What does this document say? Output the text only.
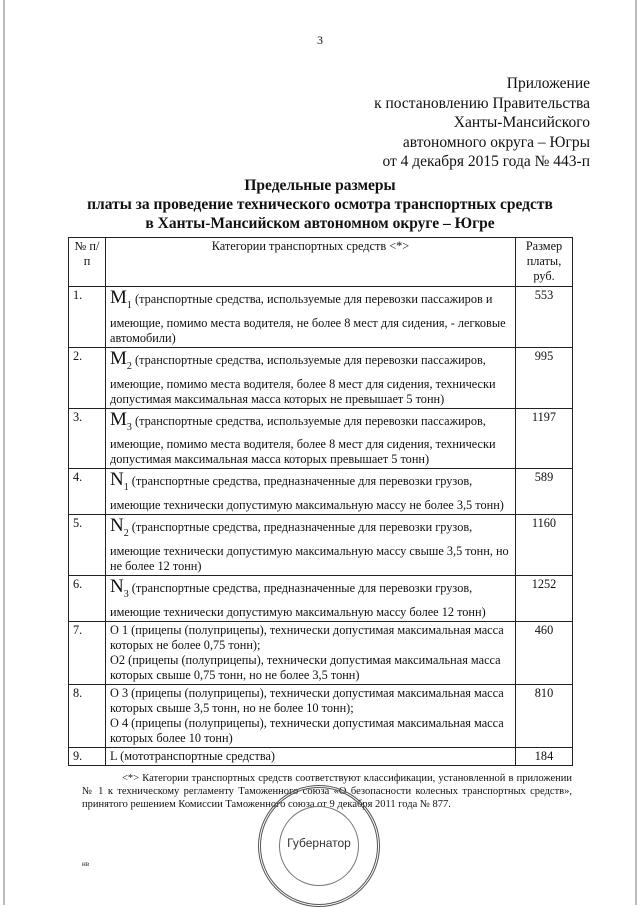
3
Приложение
к постановлению Правительства
Ханты-Мансийского
автономного округа – Югры
от 4 декабря 2015 года № 443-п
Предельные размеры
платы за проведение технического осмотра транспортных средств
в Ханты-Мансийском автономном округе – Югре
№ п/п	Категории транспортных средств <*>	Размер платы, руб.
1.	$M_1$ (транспортные средства, используемые для перевозки пассажиров и имеющие, помимо места водителя, не более 8 мест для сидения, - легковые автомобили)	553
2.	$M_2$ (транспортные средства, используемые для перевозки пассажиров, имеющие, помимо места водителя, более 8 мест для сидения, технически допустимая максимальная масса которых не превышает 5 тонн)	995
3.	$M_3$ (транспортные средства, используемые для перевозки пассажиров, имеющие, помимо места водителя, более 8 мест для сидения, технически допустимая максимальная масса которых превышает 5 тонн)	1197
4.	$N_1$ (транспортные средства, предназначенные для перевозки грузов, имеющие технически допустимую максимальную массу не более 3,5 тонн)	589
5.	$N_2$ (транспортные средства, предназначенные для перевозки грузов, имеющие технически допустимую максимальную массу свыше 3,5 тонн, но не более 12 тонн)	1160
6.	$N_3$ (транспортные средства, предназначенные для перевозки грузов, имеющие технически допустимую максимальную массу более 12 тонн)	1252
7.	О 1 (прицепы (полуприцепы), технически допустимая максимальная масса которых не более 0,75 тонн);
О2 (прицепы (полуприцепы), технически допустимая максимальная масса которых свыше 0,75 тонн, но не более 3,5 тонн)	460
8.	О 3 (прицепы (полуприцепы), технически допустимая максимальная масса которых свыше 3,5 тонн, но не более 10 тонн);
О 4 (прицепы (полуприцепы), технически допустимая максимальная масса которых более 10 тонн)	810
9.	L (мототранспортные средства)	184
<*> Категории транспортных средств соответствуют классификации, установленной в приложении № 1 к техническому регламенту Таможенного союза «О безопасности колесных транспортных средств», принятого решением Комиссии Таможенного союза от 9 декабря 2011 года № 877.
Губернатор
нв
